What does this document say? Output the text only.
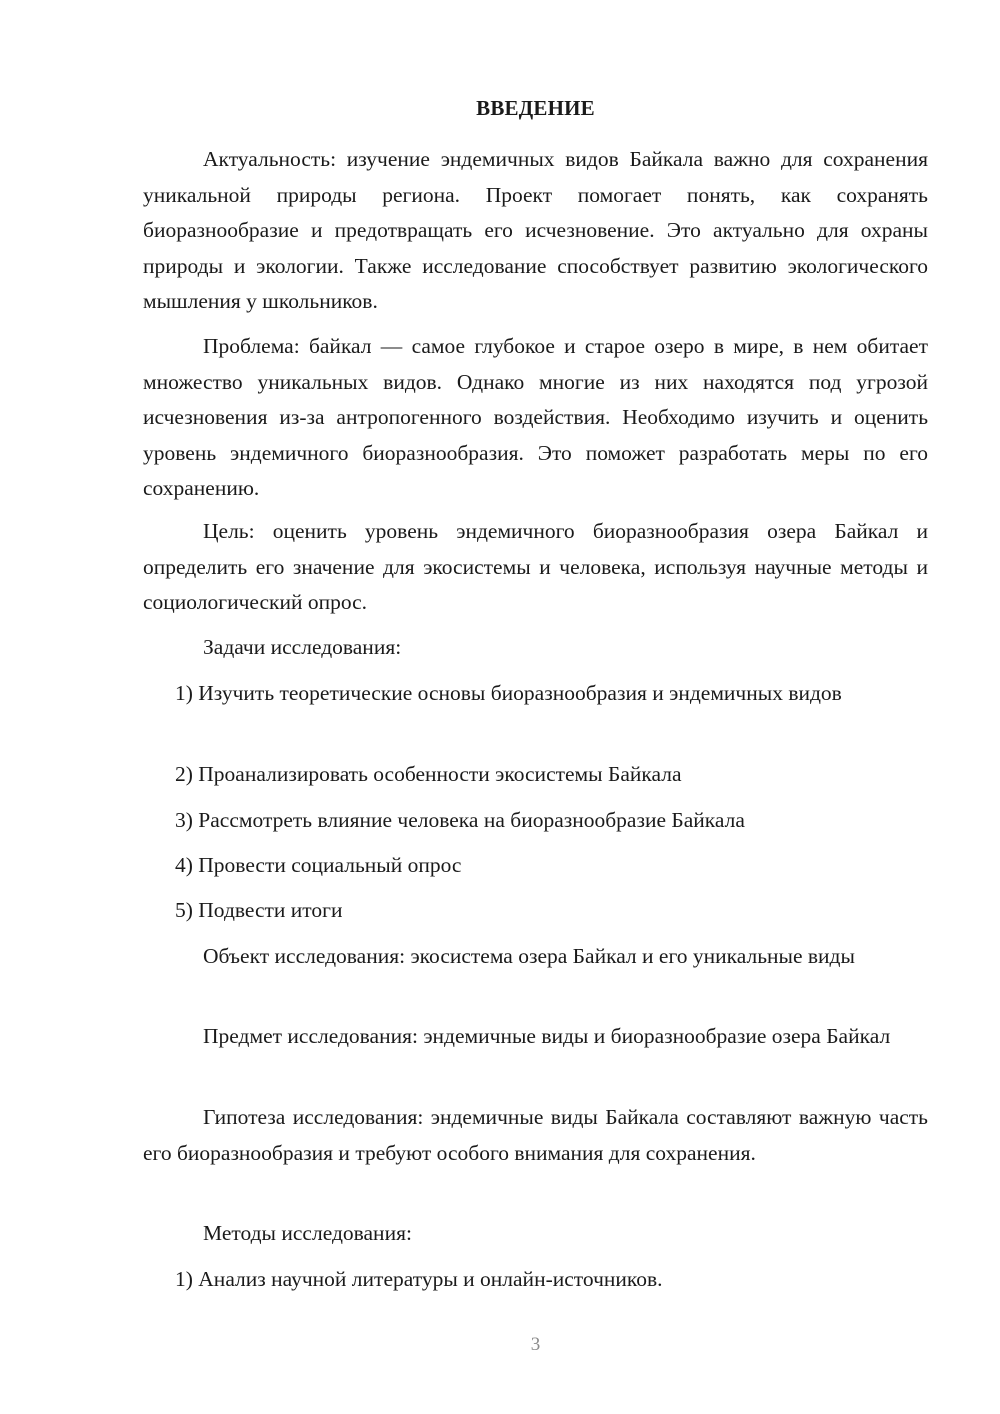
ВВЕДЕНИЕ

Актуальность: изучение эндемичных видов Байкала важно для сохранения уникальной природы региона. Проект помогает понять, как сохранять биоразнообразие и предотвращать его исчезновение. Это актуально для охраны природы и экологии. Также исследование способствует развитию экологического мышления у школьников.

Проблема: байкал — самое глубокое и старое озеро в мире, в нем обитает множество уникальных видов. Однако многие из них находятся под угрозой исчезновения из-за антропогенного воздействия. Необходимо изучить и оценить уровень эндемичного биоразнообразия. Это поможет разработать меры по его сохранению.

Цель: оценить уровень эндемичного биоразнообразия озера Байкал и определить его значение для экосистемы и человека, используя научные методы и социологический опрос.

Задачи исследования:

1) Изучить теоретические основы биоразнообразия и эндемичных видов

2) Проанализировать особенности экосистемы Байкала

3) Рассмотреть влияние человека на биоразнообразие Байкала

4) Провести социальный опрос

5) Подвести итоги

Объект исследования: экосистема озера Байкал и его уникальные виды

Предмет исследования: эндемичные виды и биоразнообразие озера Байкал

Гипотеза исследования: эндемичные виды Байкала составляют важную часть его биоразнообразия и требуют особого внимания для сохранения.

Методы исследования:

1) Анализ научной литературы и онлайн-источников.

3
